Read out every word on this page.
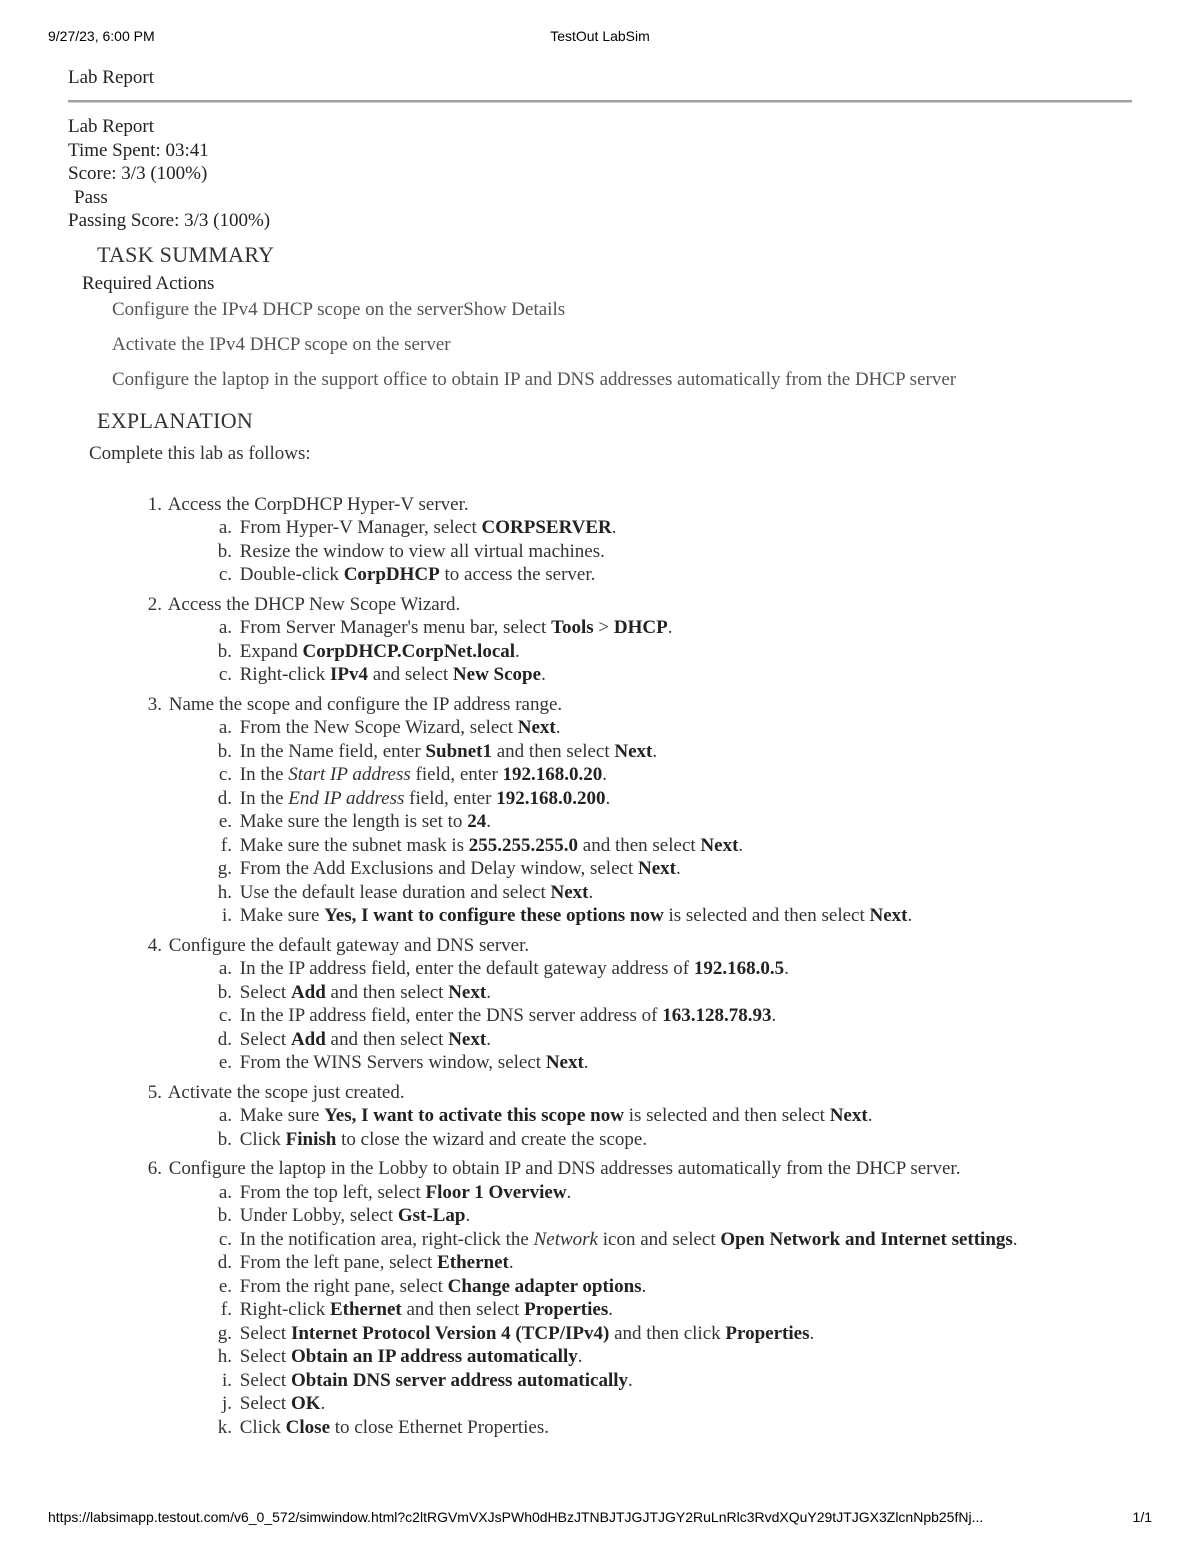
9/27/23, 6:00 PM	TestOut LabSim
Lab Report
Lab Report
Time Spent: 03:41
Score: 3/3 (100%)
Pass
Passing Score: 3/3 (100%)
TASK SUMMARY
Required Actions
Configure the IPv4 DHCP scope on the serverShow Details
Activate the IPv4 DHCP scope on the server
Configure the laptop in the support office to obtain IP and DNS addresses automatically from the DHCP server
EXPLANATION
Complete this lab as follows:
1. Access the CorpDHCP Hyper-V server.
a. From Hyper-V Manager, select CORPSERVER.
b. Resize the window to view all virtual machines.
c. Double-click CorpDHCP to access the server.
2. Access the DHCP New Scope Wizard.
a. From Server Manager's menu bar, select Tools > DHCP.
b. Expand CorpDHCP.CorpNet.local.
c. Right-click IPv4 and select New Scope.
3. Name the scope and configure the IP address range.
a. From the New Scope Wizard, select Next.
b. In the Name field, enter Subnet1 and then select Next.
c. In the Start IP address field, enter 192.168.0.20.
d. In the End IP address field, enter 192.168.0.200.
e. Make sure the length is set to 24.
f. Make sure the subnet mask is 255.255.255.0 and then select Next.
g. From the Add Exclusions and Delay window, select Next.
h. Use the default lease duration and select Next.
i. Make sure Yes, I want to configure these options now is selected and then select Next.
4. Configure the default gateway and DNS server.
a. In the IP address field, enter the default gateway address of 192.168.0.5.
b. Select Add and then select Next.
c. In the IP address field, enter the DNS server address of 163.128.78.93.
d. Select Add and then select Next.
e. From the WINS Servers window, select Next.
5. Activate the scope just created.
a. Make sure Yes, I want to activate this scope now is selected and then select Next.
b. Click Finish to close the wizard and create the scope.
6. Configure the laptop in the Lobby to obtain IP and DNS addresses automatically from the DHCP server.
a. From the top left, select Floor 1 Overview.
b. Under Lobby, select Gst-Lap.
c. In the notification area, right-click the Network icon and select Open Network and Internet settings.
d. From the left pane, select Ethernet.
e. From the right pane, select Change adapter options.
f. Right-click Ethernet and then select Properties.
g. Select Internet Protocol Version 4 (TCP/IPv4) and then click Properties.
h. Select Obtain an IP address automatically.
i. Select Obtain DNS server address automatically.
j. Select OK.
k. Click Close to close Ethernet Properties.
https://labsimapp.testout.com/v6_0_572/simwindow.html?c2ltRGVmVXJsPWh0dHBzJTNBJTJGJTJGY2RuLnRlc3RvdXQuY29tJTJGX3ZlcnNpb25fNj...	1/1
